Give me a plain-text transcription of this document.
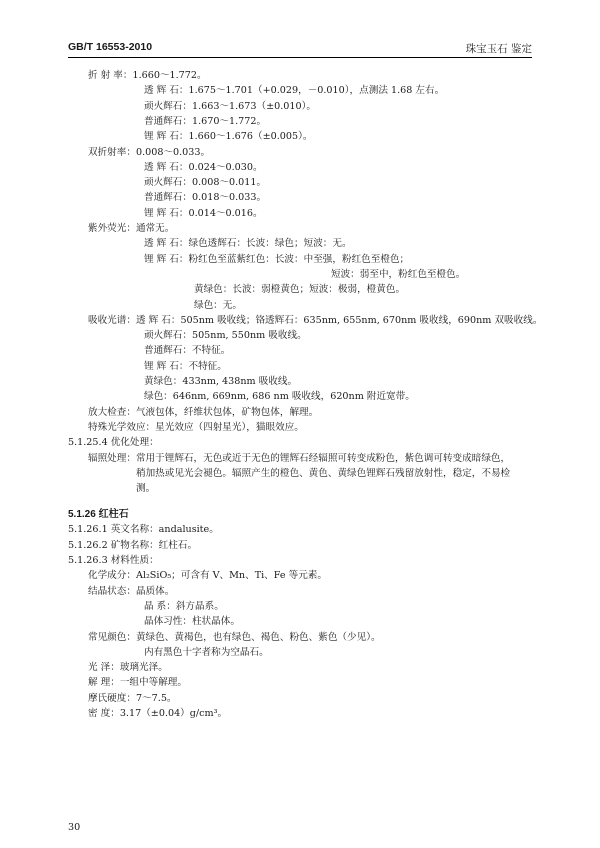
GB/T 16553-2010	珠宝玉石 鉴定
折 射 率：1.660～1.772。
透 辉 石：1.675～1.701（+0.029，－0.010），点测法 1.68 左右。
顽火辉石：1.663～1.673（±0.010）。
普通辉石：1.670～1.772。
锂 辉 石：1.660～1.676（±0.005）。
双折射率：0.008～0.033。
透 辉 石：0.024～0.030。
顽火辉石：0.008～0.011。
普通辉石：0.018～0.033。
锂 辉 石：0.014～0.016。
紫外荧光：通常无。
透 辉 石：绿色透辉石：长波：绿色；短波：无。
锂 辉 石：粉红色至蓝紫红色：长波：中至强，粉红色至橙色；
短波：弱至中，粉红色至橙色。
黄绿色：长波：弱橙黄色；短波：极弱，橙黄色。
绿色：无。
吸收光谱：透 辉 石：505nm 吸收线；铬透辉石：635nm, 655nm, 670nm 吸收线，690nm 双吸收线。
顽火辉石：505nm, 550nm 吸收线。
普通辉石：不特征。
锂 辉 石：不特征。
黄绿色：433nm, 438nm 吸收线。
绿色：646nm, 669nm, 686 nm 吸收线，620nm 附近宽带。
放大检查：气液包体，纤维状包体，矿物包体，解理。
特殊光学效应：星光效应（四射星光），猫眼效应。
5.1.25.4 优化处理：
辐照处理：常用于锂辉石，无色或近于无色的锂辉石经辐照可转变成粉色，紫色调可转变成暗绿色，
稍加热或见光会褪色。辐照产生的橙色、黄色、黄绿色锂辉石残留放射性，稳定，不易检
测。
5.1.26 红柱石
5.1.26.1 英文名称：andalusite。
5.1.26.2 矿物名称：红柱石。
5.1.26.3 材料性质：
化学成分：Al₂SiO₅；可含有 V、Mn、Ti、Fe 等元素。
结晶状态：晶质体。
晶 系：斜方晶系。
晶体习性：柱状晶体。
常见颜色：黄绿色、黄褐色，也有绿色、褐色、粉色、紫色（少见）。
内有黑色十字者称为空晶石。
光 泽：玻璃光泽。
解 理：一组中等解理。
摩氏硬度：7～7.5。
密 度：3.17（±0.04）g/cm³。
30
